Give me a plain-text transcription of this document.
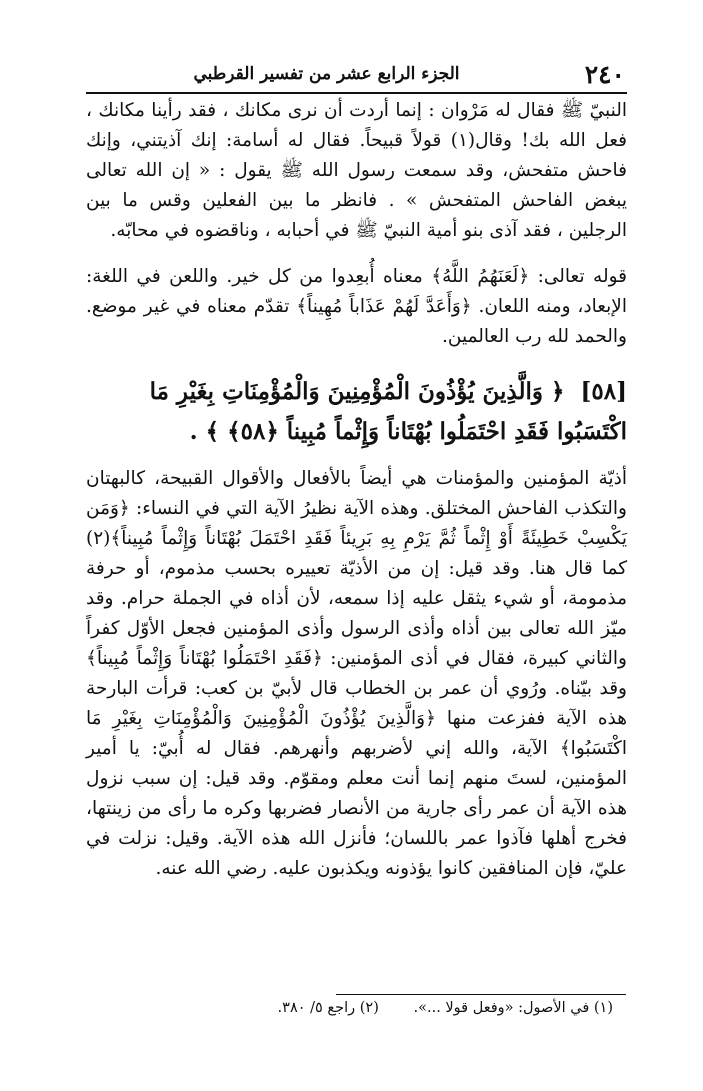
٢٤٠
الجزء الرابع عشر من تفسير القرطبي

النبيّ ﷺ فقال له مَرْوان : إنما أردت أن نرى مكانك ، فقد رأينا مكانك ، فعل الله بك! وقال(١) قولاً قبيحاً. فقال له أسامة: إنك آذيتني، وإنك فاحش متفحش، وقد سمعت رسول الله ﷺ يقول : « إن الله تعالى يبغض الفاحش المتفحش » . فانظر ما بين الفعلين وقس ما بين الرجلين ، فقد آذى بنو أمية النبيّ ﷺ في أحبابه ، وناقضوه في محابّه.

قوله تعالى: ﴿لَعَنَهُمُ اللَّهُ﴾ معناه أُبعِدوا من كل خير. واللعن في اللغة: الإبعاد، ومنه اللعان. ﴿وَأَعَدَّ لَهُمْ عَذَاباً مُهِيناً﴾ تقدّم معناه في غير موضع. والحمد لله رب العالمين.

[٥٨] ﴿ وَالَّذِينَ يُؤْذُونَ الْمُؤْمِنِينَ وَالْمُؤْمِنَاتِ بِغَيْرِ مَا اكْتَسَبُوا فَقَدِ احْتَمَلُوا بُهْتَاناً وَإِثْماً مُبِيناً ﴿٥٨﴾ ﴾ .

أذيّة المؤمنين والمؤمنات هي أيضاً بالأفعال والأقوال القبيحة، كالبهتان والتكذب الفاحش المختلق. وهذه الآية نظيرُ الآية التي في النساء: ﴿وَمَن يَكْسِبْ خَطِيئَةً أَوْ إِثْماً ثُمَّ يَرْمِ بِهِ بَرِيئاً فَقَدِ احْتَمَلَ بُهْتَاناً وَإِثْماً مُبِيناً﴾(٢) كما قال هنا. وقد قيل: إن من الأذيّة تعييره بحسب مذموم، أو حرفة مذمومة، أو شيء يثقل عليه إذا سمعه، لأن أذاه في الجملة حرام. وقد ميّز الله تعالى بين أذاه وأذى الرسول وأذى المؤمنين فجعل الأوّل كفراً والثاني كبيرة، فقال في أذى المؤمنين: ﴿فَقَدِ احْتَمَلُوا بُهْتَاناً وَإِثْماً مُبِيناً﴾ وقد بيّناه. ورُوي أن عمر بن الخطاب قال لأبيّ بن كعب: قرأت البارحة هذه الآية ففزعت منها ﴿وَالَّذِينَ يُؤْذُونَ الْمُؤْمِنِينَ وَالْمُؤْمِنَاتِ بِغَيْرِ مَا اكْتَسَبُوا﴾ الآية، والله إني لأضربهم وأنهرهم. فقال له أُبيّ: يا أمير المؤمنين، لستَ منهم إنما أنت معلم ومقوّم. وقد قيل: إن سبب نزول هذه الآية أن عمر رأى جارية من الأنصار فضربها وكره ما رأى من زينتها، فخرج أهلها فآذوا عمر باللسان؛ فأنزل الله هذه الآية. وقيل: نزلت في عليّ، فإن المنافقين كانوا يؤذونه ويكذبون عليه. رضي الله عنه.

(١) في الأصول: «وفعل قولا ...». (٢) راجع ٥/ ٣٨٠.
